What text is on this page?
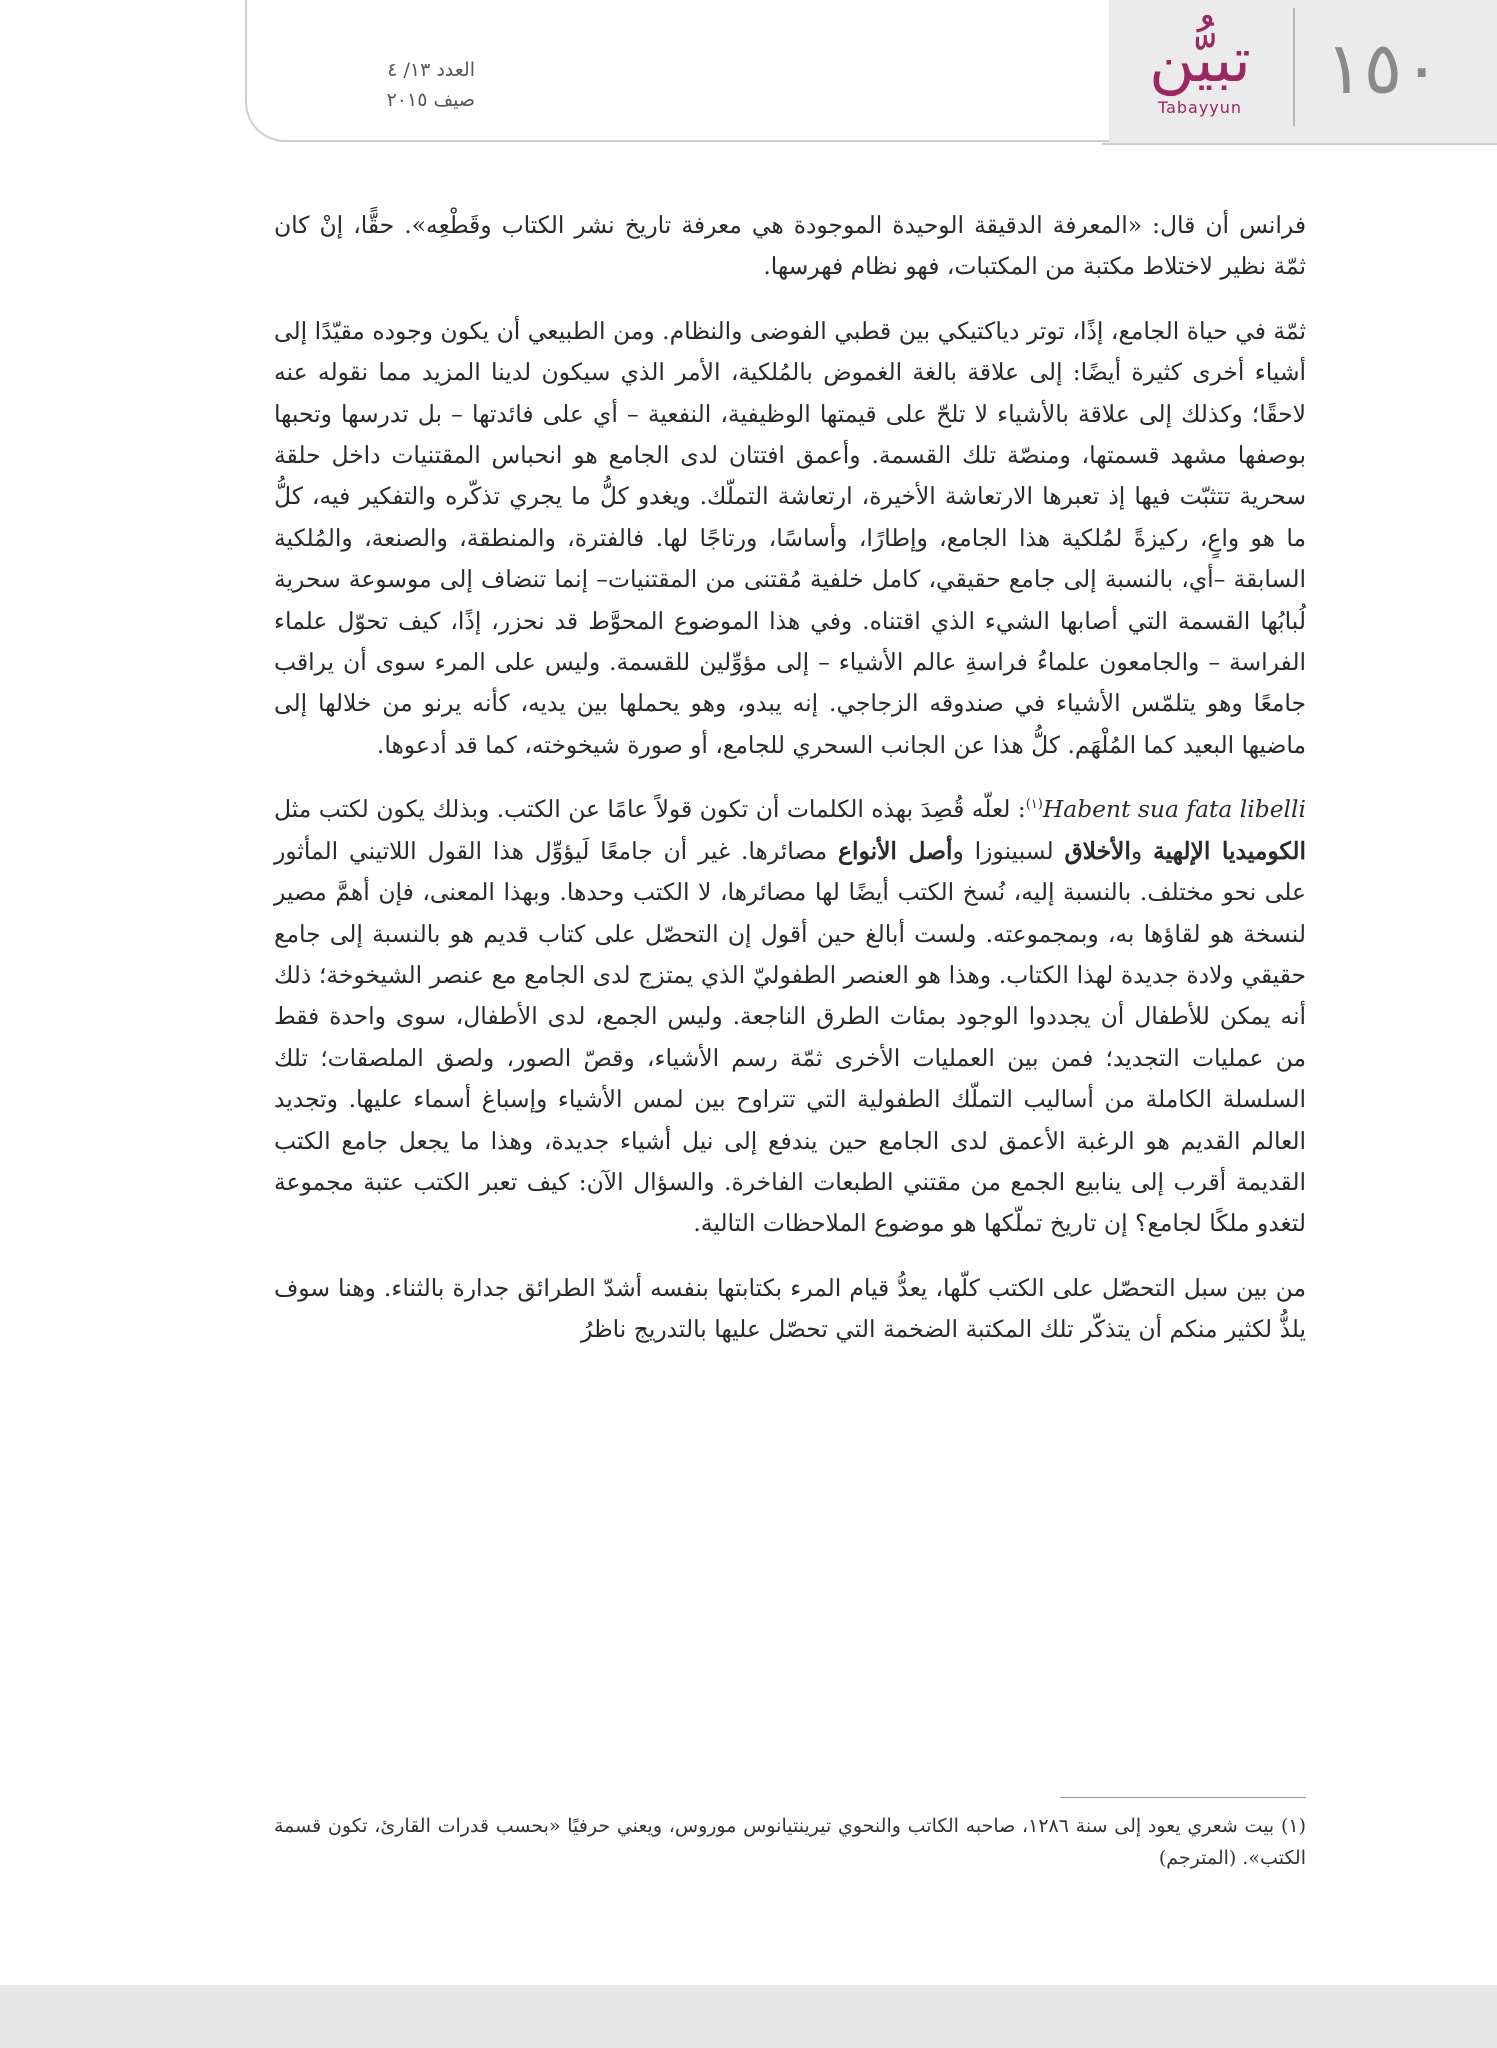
١٥٠
تبيُّن
Tabayyun
العدد ١٣/ ٤
صيف ٢٠١٥

فرانس أن قال: «المعرفة الدقيقة الوحيدة الموجودة هي معرفة تاريخ نشر الكتاب وقَطْعِه». حقًّا، إنْ كان ثمّة نظير لاختلاط مكتبة من المكتبات، فهو نظام فهرسها.

ثمّة في حياة الجامع، إذًا، توتر دياكتيكي بين قطبي الفوضى والنظام. ومن الطبيعي أن يكون وجوده مقيّدًا إلى أشياء أخرى كثيرة أيضًا: إلى علاقة بالغة الغموض بالمُلكية، الأمر الذي سيكون لدينا المزيد مما نقوله عنه لاحقًا؛ وكذلك إلى علاقة بالأشياء لا تلحّ على قيمتها الوظيفية، النفعية – أي على فائدتها – بل تدرسها وتحبها بوصفها مشهد قسمتها، ومنصّة تلك القسمة. وأعمق افتتان لدى الجامع هو انحباس المقتنيات داخل حلقة سحرية تتثبّت فيها إذ تعبرها الارتعاشة الأخيرة، ارتعاشة التملّك. ويغدو كلُّ ما يجري تذكّره والتفكير فيه، كلُّ ما هو واعٍ، ركيزةً لمُلكية هذا الجامع، وإطارًا، وأساسًا، ورتاجًا لها. فالفترة، والمنطقة، والصنعة، والمُلكية السابقة –أي، بالنسبة إلى جامع حقيقي، كامل خلفية مُقتنى من المقتنيات– إنما تنضاف إلى موسوعة سحرية لُبابُها القسمة التي أصابها الشيء الذي اقتناه. وفي هذا الموضوع المحوَّط قد نحزر، إذًا، كيف تحوّل علماء الفراسة – والجامعون علماءُ فراسةِ عالم الأشياء – إلى مؤوِّلين للقسمة. وليس على المرء سوى أن يراقب جامعًا وهو يتلمّس الأشياء في صندوقه الزجاجي. إنه يبدو، وهو يحملها بين يديه، كأنه يرنو من خلالها إلى ماضيها البعيد كما المُلْهَم. كلُّ هذا عن الجانب السحري للجامع، أو صورة شيخوخته، كما قد أدعوها.

Habent sua fata libelli$^{(١)}$: لعلّه قُصِدَ بهذه الكلمات أن تكون قولاً عامًا عن الكتب. وبذلك يكون لكتب مثل الكوميديا الإلهية والأخلاق لسبينوزا وأصل الأنواع مصائرها. غير أن جامعًا لَيؤوِّل هذا القول اللاتيني المأثور على نحو مختلف. بالنسبة إليه، نُسخ الكتب أيضًا لها مصائرها، لا الكتب وحدها. وبهذا المعنى، فإن أهمَّ مصير لنسخة هو لقاؤها به، وبمجموعته. ولست أبالغ حين أقول إن التحصّل على كتاب قديم هو بالنسبة إلى جامع حقيقي ولادة جديدة لهذا الكتاب. وهذا هو العنصر الطفوليّ الذي يمتزج لدى الجامع مع عنصر الشيخوخة؛ ذلك أنه يمكن للأطفال أن يجددوا الوجود بمئات الطرق الناجعة. وليس الجمع، لدى الأطفال، سوى واحدة فقط من عمليات التجديد؛ فمن بين العمليات الأخرى ثمّة رسم الأشياء، وقصّ الصور، ولصق الملصقات؛ تلك السلسلة الكاملة من أساليب التملّك الطفولية التي تتراوح بين لمس الأشياء وإسباغ أسماء عليها. وتجديد العالم القديم هو الرغبة الأعمق لدى الجامع حين يندفع إلى نيل أشياء جديدة، وهذا ما يجعل جامع الكتب القديمة أقرب إلى ينابيع الجمع من مقتني الطبعات الفاخرة. والسؤال الآن: كيف تعبر الكتب عتبة مجموعة لتغدو ملكًا لجامع؟ إن تاريخ تملّكها هو موضوع الملاحظات التالية.

من بين سبل التحصّل على الكتب كلّها، يعدُّ قيام المرء بكتابتها بنفسه أشدّ الطرائق جدارة بالثناء. وهنا سوف يلذُّ لكثير منكم أن يتذكّر تلك المكتبة الضخمة التي تحصّل عليها بالتدريج ناظرُ

(١) بيت شعري يعود إلى سنة ١٢٨٦، صاحبه الكاتب والنحوي تيرينتيانوس موروس، ويعني حرفيًا «بحسب قدرات القارئ، تكون قسمة الكتب». (المترجم)
